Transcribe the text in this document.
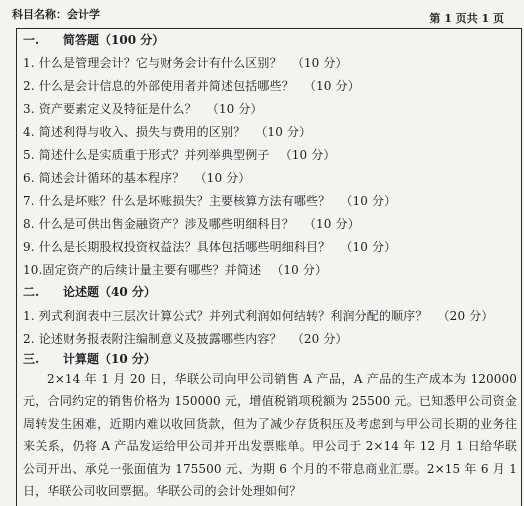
科目名称：会计学	第 1 页共 1 页
一. 简答题（100 分）
1. 什么是管理会计？它与财务会计有什么区别？ （10 分）
2. 什么是会计信息的外部使用者并简述包括哪些？ （10 分）
3. 资产要素定义及特征是什么？ （10 分）
4. 简述利得与收入、损失与费用的区别？ （10 分）
5. 简述什么是实质重于形式？并列举典型例子 （10 分）
6. 简述会计循环的基本程序？ （10 分）
7. 什么是坏账？什么是坏账损失？主要核算方法有哪些？ （10 分）
8. 什么是可供出售金融资产？涉及哪些明细科目？ （10 分）
9. 什么是长期股权投资权益法？具体包括哪些明细科目？ （10 分）
10.固定资产的后续计量主要有哪些？并简述 （10 分）
二. 论述题（40 分）
1. 列式利润表中三层次计算公式？并列式利润如何结转？利润分配的顺序？ （20 分）
2. 论述财务报表附注编制意义及披露哪些内容？ （20 分）
三. 计算题（10 分）
2×14 年 1 月 20 日，华联公司向甲公司销售 A 产品，A 产品的生产成本为 120000 元，合同约定的销售价格为 150000 元，增值税销项税额为 25500 元。已知悉甲公司资金周转发生困难，近期内难以收回货款，但为了减少存货积压及考虑到与甲公司长期的业务往来关系，仍将 A 产品发运给甲公司并开出发票账单。甲公司于 2×14 年 12 月 1 日给华联公司开出、承兑一张面值为 175500 元、为期 6 个月的不带息商业汇票。2×15 年 6 月 1 日，华联公司收回票据。华联公司的会计处理如何？
